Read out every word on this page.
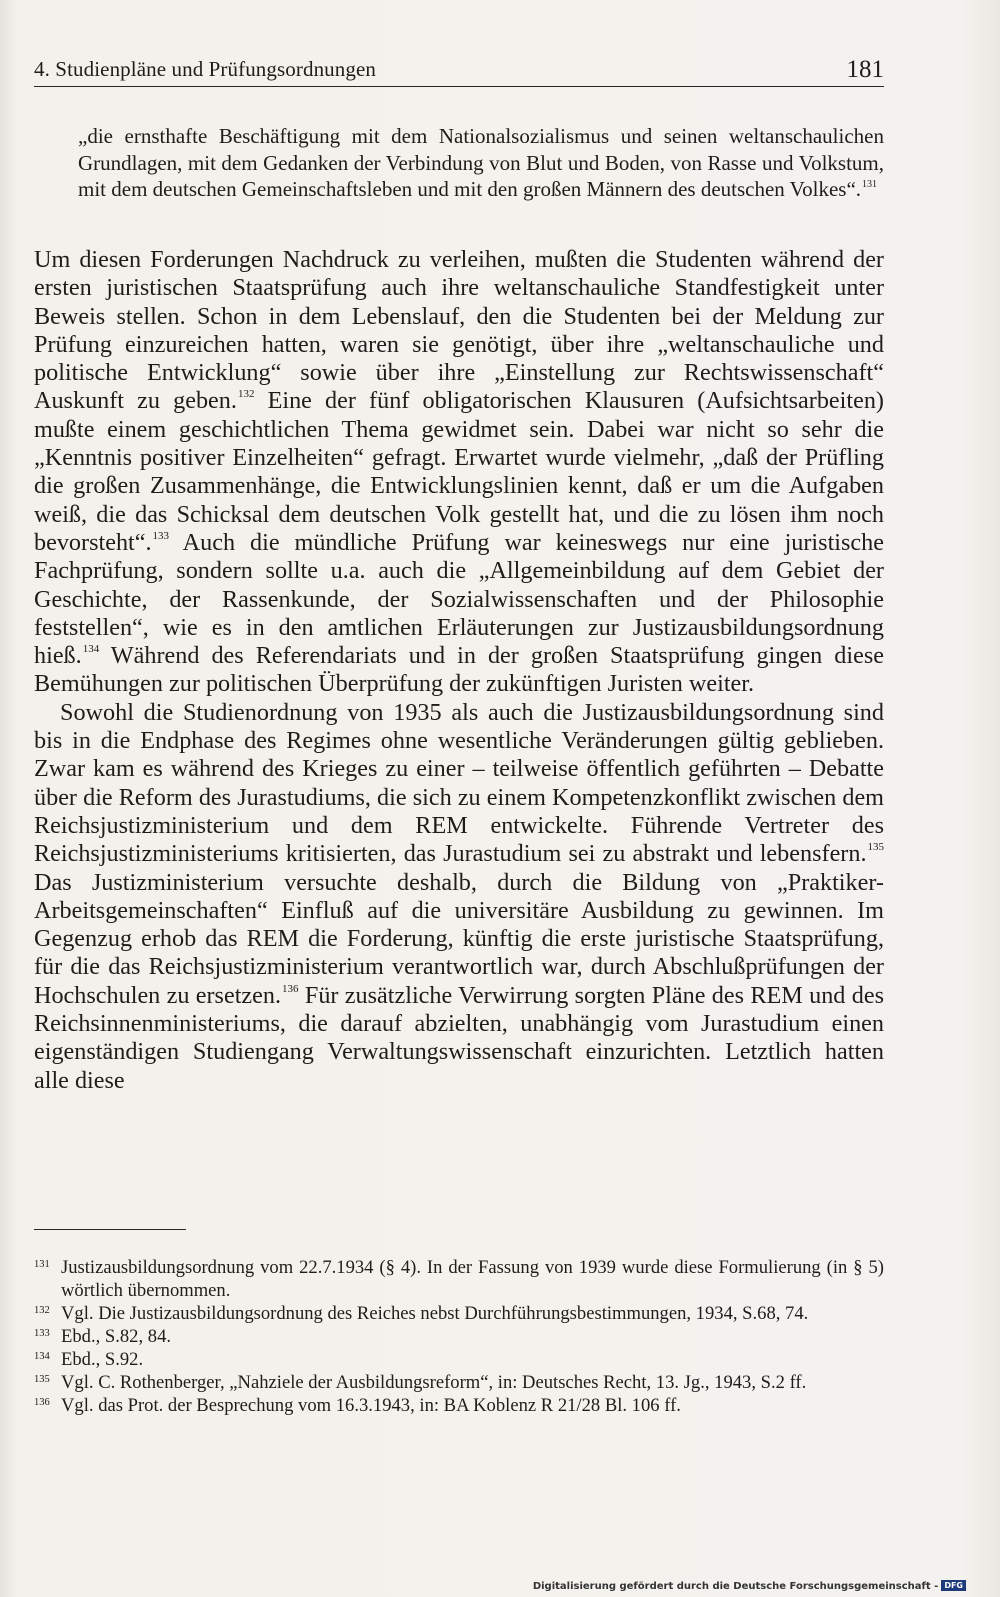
4. Studienpläne und Prüfungsordnungen	181

„die ernsthafte Beschäftigung mit dem Nationalsozialismus und seinen weltanschaulichen Grundlagen, mit dem Gedanken der Verbindung von Blut und Boden, von Rasse und Volkstum, mit dem deutschen Gemeinschaftsleben und mit den großen Männern des deutschen Volkes“.$^{131}$

Um diesen Forderungen Nachdruck zu verleihen, mußten die Studenten während der ersten juristischen Staatsprüfung auch ihre weltanschauliche Standfestigkeit unter Beweis stellen. Schon in dem Lebenslauf, den die Studenten bei der Meldung zur Prüfung einzureichen hatten, waren sie genötigt, über ihre „weltanschauliche und politische Entwicklung“ sowie über ihre „Einstellung zur Rechtswissenschaft“ Auskunft zu geben.$^{132}$ Eine der fünf obligatorischen Klausuren (Aufsichtsarbeiten) mußte einem geschichtlichen Thema gewidmet sein. Dabei war nicht so sehr die „Kenntnis positiver Einzelheiten“ gefragt. Erwartet wurde vielmehr, „daß der Prüfling die großen Zusammenhänge, die Entwicklungslinien kennt, daß er um die Aufgaben weiß, die das Schicksal dem deutschen Volk gestellt hat, und die zu lösen ihm noch bevorsteht“.$^{133}$ Auch die mündliche Prüfung war keineswegs nur eine juristische Fachprüfung, sondern sollte u.a. auch die „Allgemeinbildung auf dem Gebiet der Geschichte, der Rassenkunde, der Sozialwissenschaften und der Philosophie feststellen“, wie es in den amtlichen Erläuterungen zur Justizausbildungsordnung hieß.$^{134}$ Während des Referendariats und in der großen Staatsprüfung gingen diese Bemühungen zur politischen Überprüfung der zukünftigen Juristen weiter.

Sowohl die Studienordnung von 1935 als auch die Justizausbildungsordnung sind bis in die Endphase des Regimes ohne wesentliche Veränderungen gültig geblieben. Zwar kam es während des Krieges zu einer – teilweise öffentlich geführten – Debatte über die Reform des Jurastudiums, die sich zu einem Kompetenzkonflikt zwischen dem Reichsjustizministerium und dem REM entwickelte. Führende Vertreter des Reichsjustizministeriums kritisierten, das Jurastudium sei zu abstrakt und lebensfern.$^{135}$ Das Justizministerium versuchte deshalb, durch die Bildung von „Praktiker-Arbeitsgemeinschaften“ Einfluß auf die universitäre Ausbildung zu gewinnen. Im Gegenzug erhob das REM die Forderung, künftig die erste juristische Staatsprüfung, für die das Reichsjustizministerium verantwortlich war, durch Abschlußprüfungen der Hochschulen zu ersetzen.$^{136}$ Für zusätzliche Verwirrung sorgten Pläne des REM und des Reichsinnenministeriums, die darauf abzielten, unabhängig vom Jurastudium einen eigenständigen Studiengang Verwaltungswissenschaft einzurichten. Letztlich hatten alle diese

131 Justizausbildungsordnung vom 22.7.1934 (§ 4). In der Fassung von 1939 wurde diese Formulierung (in § 5) wörtlich übernommen.
132 Vgl. Die Justizausbildungsordnung des Reiches nebst Durchführungsbestimmungen, 1934, S.68, 74.
133 Ebd., S.82, 84.
134 Ebd., S.92.
135 Vgl. C. Rothenberger, „Nahziele der Ausbildungsreform“, in: Deutsches Recht, 13. Jg., 1943, S.2 ff.
136 Vgl. das Prot. der Besprechung vom 16.3.1943, in: BA Koblenz R 21/28 Bl. 106 ff.
Digitalisierung gefördert durch die Deutsche Forschungsgemeinschaft - DFG
